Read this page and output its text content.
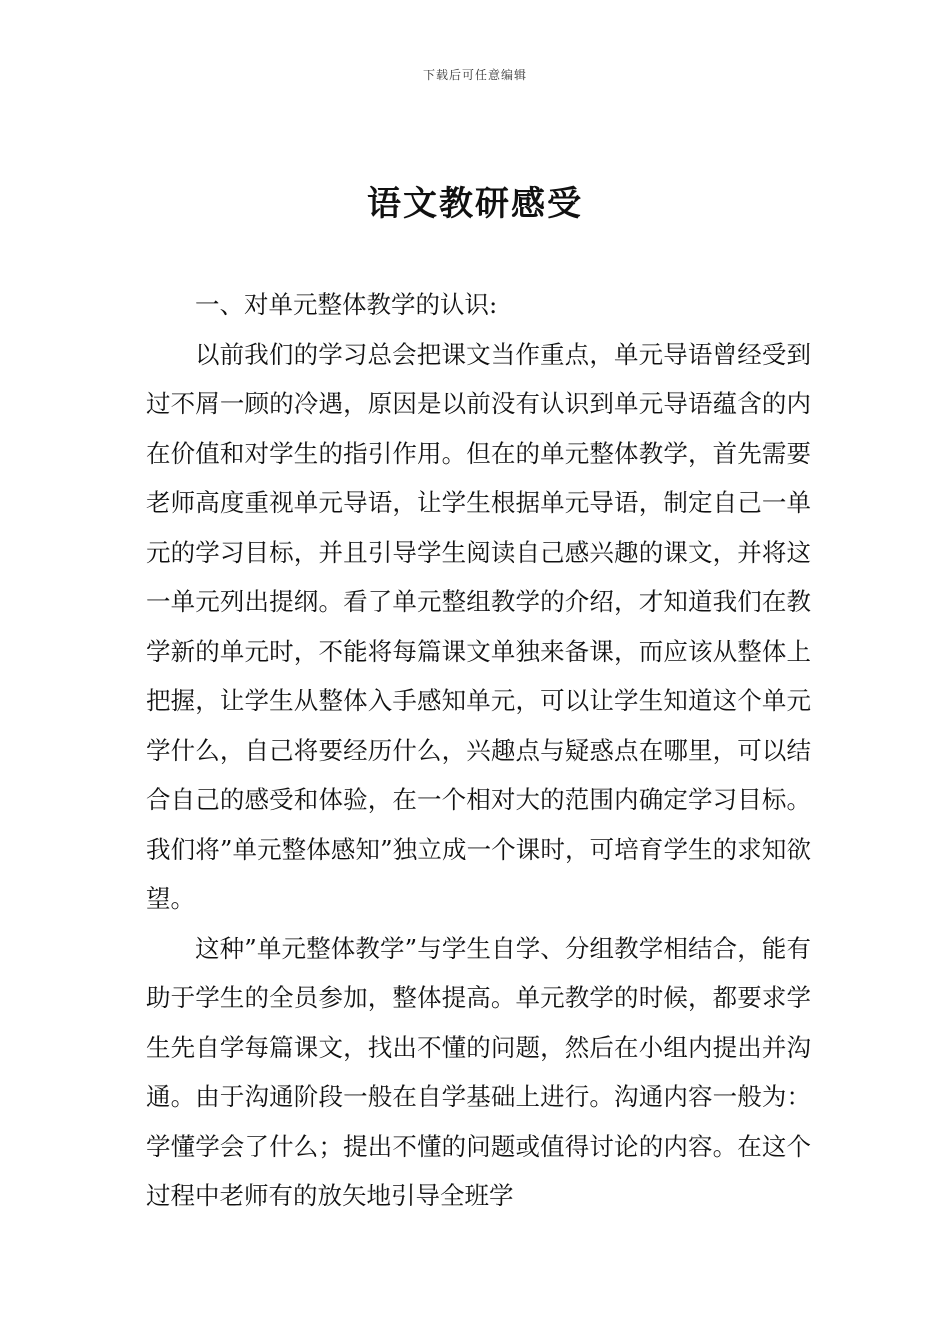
下载后可任意编辑
语文教研感受

一、对单元整体教学的认识:

以前我们的学习总会把课文当作重点，单元导语曾经受到过不屑一顾的冷遇，原因是以前没有认识到单元导语蕴含的内在价值和对学生的指引作用。但在的单元整体教学，首先需要老师高度重视单元导语，让学生根据单元导语，制定自己一单元的学习目标，并且引导学生阅读自己感兴趣的课文，并将这一单元列出提纲。看了单元整组教学的介绍，才知道我们在教学新的单元时，不能将每篇课文单独来备课，而应该从整体上把握，让学生从整体入手感知单元，可以让学生知道这个单元学什么，自己将要经历什么，兴趣点与疑惑点在哪里，可以结合自己的感受和体验，在一个相对大的范围内确定学习目标。我们将”单元整体感知”独立成一个课时，可培育学生的求知欲望。

这种”单元整体教学”与学生自学、分组教学相结合，能有助于学生的全员参加，整体提高。单元教学的时候，都要求学生先自学每篇课文，找出不懂的问题，然后在小组内提出并沟通。由于沟通阶段一般在自学基础上进行。沟通内容一般为：学懂学会了什么；提出不懂的问题或值得讨论的内容。在这个过程中老师有的放矢地引导全班学
